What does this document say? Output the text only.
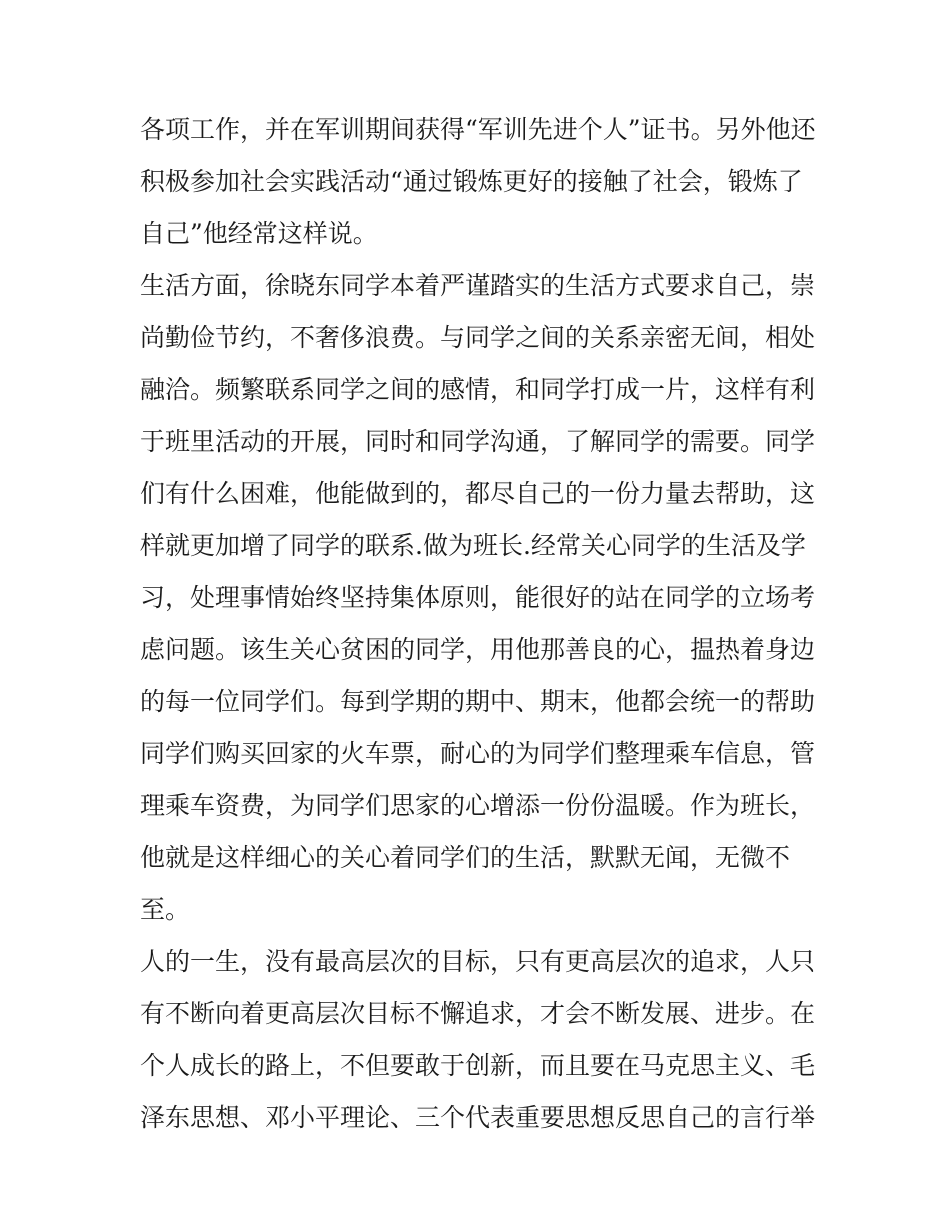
各项工作，并在军训期间获得“军训先进个人”证书。另外他还
积极参加社会实践活动“通过锻炼更好的接触了社会，锻炼了
自己”他经常这样说。
生活方面，徐晓东同学本着严谨踏实的生活方式要求自己，崇
尚勤俭节约，不奢侈浪费。与同学之间的关系亲密无间，相处
融洽。频繁联系同学之间的感情，和同学打成一片，这样有利
于班里活动的开展，同时和同学沟通，了解同学的需要。同学
们有什么困难，他能做到的，都尽自己的一份力量去帮助，这
样就更加增了同学的联系.做为班长.经常关心同学的生活及学
习，处理事情始终坚持集体原则，能很好的站在同学的立场考
虑问题。该生关心贫困的同学，用他那善良的心，揾热着身边
的每一位同学们。每到学期的期中、期末，他都会统一的帮助
同学们购买回家的火车票，耐心的为同学们整理乘车信息，管
理乘车资费，为同学们思家的心增添一份份温暖。作为班长，
他就是这样细心的关心着同学们的生活，默默无闻，无微不
至。
人的一生，没有最高层次的目标，只有更高层次的追求，人只
有不断向着更高层次目标不懈追求，才会不断发展、进步。在
个人成长的路上，不但要敢于创新，而且要在马克思主义、毛
泽东思想、邓小平理论、三个代表重要思想反思自己的言行举
